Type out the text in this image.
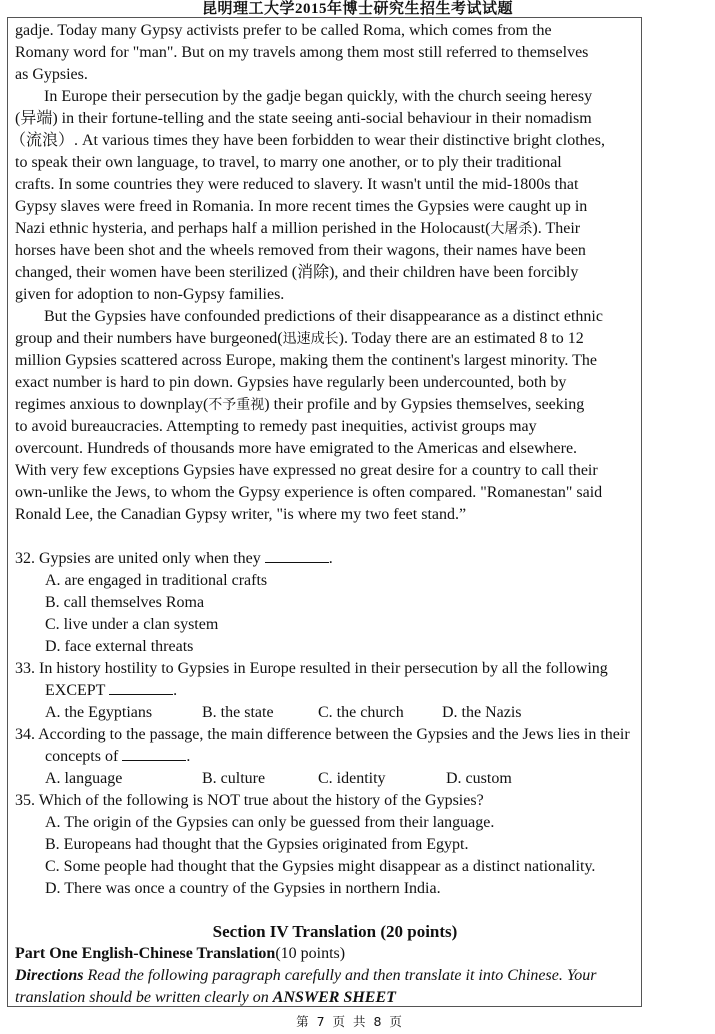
昆明理工大学2015年博士研究生招生考试试题
gadje. Today many Gypsy activists prefer to be called Roma, which comes from the
Romany word for "man". But on my travels among them most still referred to themselves
as Gypsies.
In Europe their persecution by the gadje began quickly, with the church seeing heresy
(异端) in their fortune-telling and the state seeing anti-social behaviour in their nomadism
（流浪）. At various times they have been forbidden to wear their distinctive bright clothes,
to speak their own language, to travel, to marry one another, or to ply their traditional
crafts. In some countries they were reduced to slavery. It wasn't until the mid-1800s that
Gypsy slaves were freed in Romania. In more recent times the Gypsies were caught up in
Nazi ethnic hysteria, and perhaps half a million perished in the Holocaust(大屠杀). Their
horses have been shot and the wheels removed from their wagons, their names have been
changed, their women have been sterilized (消除), and their children have been forcibly
given for adoption to non-Gypsy families.
But the Gypsies have confounded predictions of their disappearance as a distinct ethnic
group and their numbers have burgeoned(迅速成长). Today there are an estimated 8 to 12
million Gypsies scattered across Europe, making them the continent's largest minority. The
exact number is hard to pin down. Gypsies have regularly been undercounted, both by
regimes anxious to downplay(不予重视) their profile and by Gypsies themselves, seeking
to avoid bureaucracies. Attempting to remedy past inequities, activist groups may
overcount. Hundreds of thousands more have emigrated to the Americas and elsewhere.
With very few exceptions Gypsies have expressed no great desire for a country to call their
own-unlike the Jews, to whom the Gypsy experience is often compared. "Romanestan" said
Ronald Lee, the Canadian Gypsy writer, "is where my two feet stand.”
32. Gypsies are united only when they	.
A. are engaged in traditional crafts
B. call themselves Roma
C. live under a clan system
D. face external threats
33. In history hostility to Gypsies in Europe resulted in their persecution by all the following
EXCEPT	.
A. the Egyptians	B. the state	C. the church D. the Nazis
34. According to the passage, the main difference between the Gypsies and the Jews lies in their
concepts of	.
A. language	B. culture	C. identity	D. custom
35. Which of the following is NOT true about the history of the Gypsies?
A. The origin of the Gypsies can only be guessed from their language.
B. Europeans had thought that the Gypsies originated from Egypt.
C. Some people had thought that the Gypsies might disappear as a distinct nationality.
D. There was once a country of the Gypsies in northern India.
Section IV Translation (20 points)
Part One English-Chinese Translation(10 points)
Directions Read the following paragraph carefully and then translate it into Chinese. Your
translation should be written clearly on ANSWER SHEET
第 7 页 共 8 页
